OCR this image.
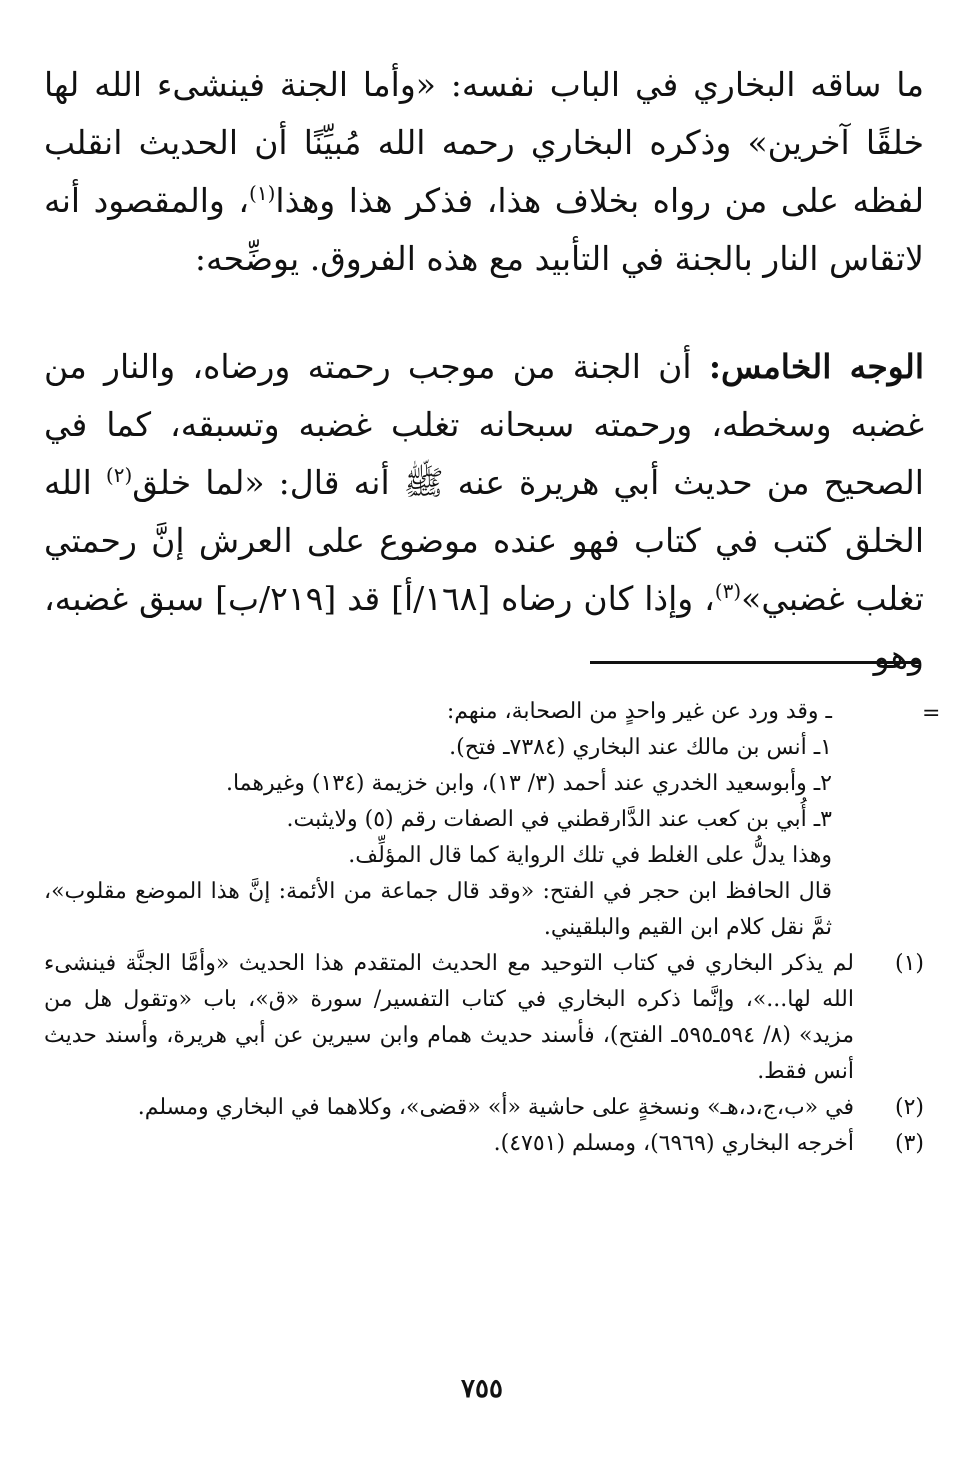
ما ساقه البخاري في الباب نفسه: «وأما الجنة فينشىء الله لها خلقًا آخرين» وذكره البخاري رحمه الله مُبيِّنًا أن الحديث انقلب لفظه على من رواه بخلاف هذا، فذكر هذا وهذا$^{(١)}$، والمقصود أنه لاتقاس النار بالجنة في التأبيد مع هذه الفروق. يوضِّحه:
الوجه الخامس: أن الجنة من موجب رحمته ورضاه، والنار من غضبه وسخطه، ورحمته سبحانه تغلب غضبه وتسبقه، كما في الصحيح من حديث أبي هريرة عنه ﷺ أنه قال: «لما خلق$^{(٢)}$ الله الخلق كتب في كتاب فهو عنده موضوع على العرش إنَّ رحمتي تغلب غضبي»$^{(٣)}$، وإذا كان رضاه [١٦٨/أ] قد [٢١٩/ب] سبق غضبه، وهو
=
ـ وقد ورد عن غير واحدٍ من الصحابة، منهم:
١ـ أنس بن مالك عند البخاري (٧٣٨٤ـ فتح).
٢ـ وأبوسعيد الخدري عند أحمد (٣/ ١٣)، وابن خزيمة (١٣٤) وغيرهما.
٣ـ أُبي بن كعب عند الدَّارقطني في الصفات رقم (٥) ولايثبت.
وهذا يدلُّ على الغلط في تلك الرواية كما قال المؤلِّف.
قال الحافظ ابن حجر في الفتح: «وقد قال جماعة من الأئمة: إنَّ هذا الموضع مقلوب»، ثمَّ نقل كلام ابن القيم والبلقيني.
(١)
لم يذكر البخاري في كتاب التوحيد مع الحديث المتقدم هذا الحديث «وأمَّا الجنَّة فينشىء الله لها...»، وإنَّما ذكره البخاري في كتاب التفسير/ سورة «ق»، باب «وتقول هل من مزيد» (٨/ ٥٩٤ـ٥٩٥ـ الفتح)، فأسند حديث همام وابن سيرين عن أبي هريرة، وأسند حديث أنس فقط.
(٢)
في «ب،ج،د،هـ» ونسخةٍ على حاشية «أ» «قضى»، وكلاهما في البخاري ومسلم.
(٣)
أخرجه البخاري (٦٩٦٩)، ومسلم (٤٧٥١).
٧٥٥
